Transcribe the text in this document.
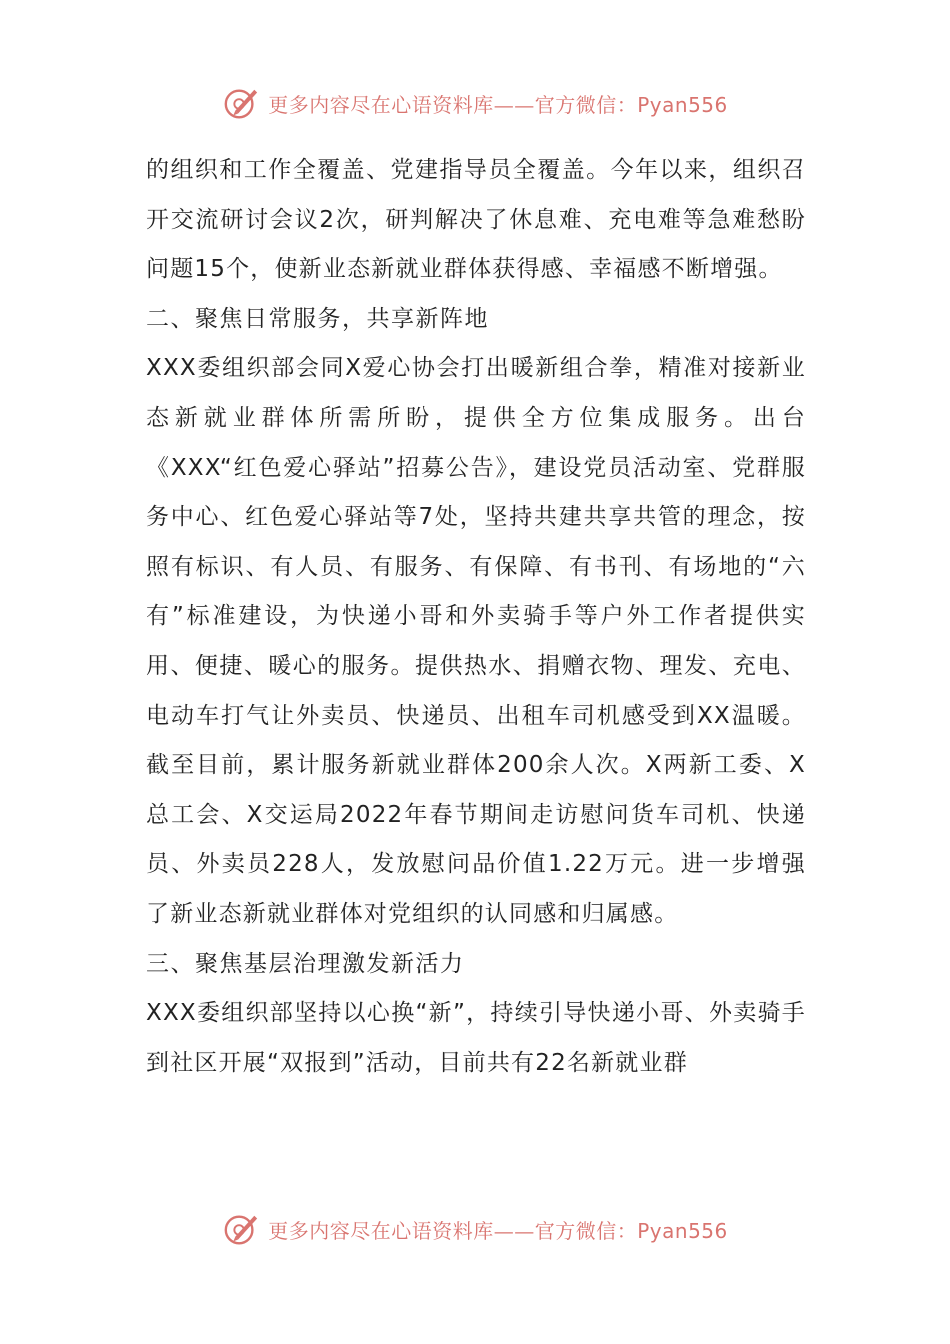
更多内容尽在心语资料库——官方微信：Pyan556

的组织和工作全覆盖、党建指导员全覆盖。今年以来，组织召开交流研讨会议2次，研判解决了休息难、充电难等急难愁盼问题15个，使新业态新就业群体获得感、幸福感不断增强。

二、聚焦日常服务，共享新阵地

XXX委组织部会同X爱心协会打出暖新组合拳，精准对接新业态新就业群体所需所盼，提供全方位集成服务。出台《XXX“红色爱心驿站”招募公告》，建设党员活动室、党群服务中心、红色爱心驿站等7处，坚持共建共享共管的理念，按照有标识、有人员、有服务、有保障、有书刊、有场地的“六有”标准建设，为快递小哥和外卖骑手等户外工作者提供实用、便捷、暖心的服务。提供热水、捐赠衣物、理发、充电、电动车打气让外卖员、快递员、出租车司机感受到XX温暖。截至目前，累计服务新就业群体200余人次。X两新工委、X总工会、X交运局2022年春节期间走访慰问货车司机、快递员、外卖员228人，发放慰问品价值1.22万元。进一步增强了新业态新就业群体对党组织的认同感和归属感。

三、聚焦基层治理激发新活力

XXX委组织部坚持以心换“新”，持续引导快递小哥、外卖骑手到社区开展“双报到”活动，目前共有22名新就业群

更多内容尽在心语资料库——官方微信：Pyan556
